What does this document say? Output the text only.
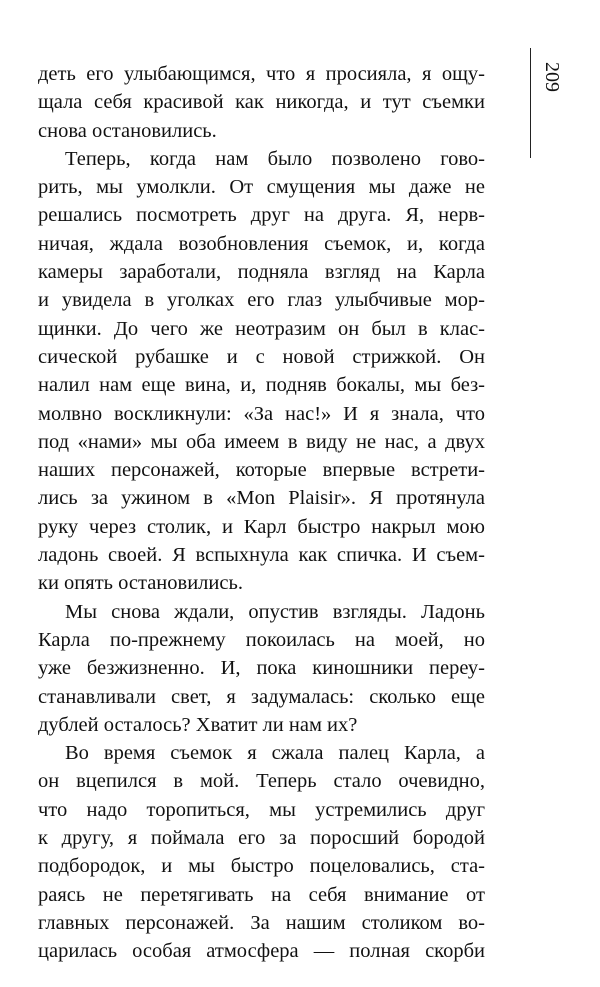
209
деть его улыбающимся, что я просияла, я ощу-
щала себя красивой как никогда, и тут съемки
снова остановились.
Теперь, когда нам было позволено гово-
рить, мы умолкли. От смущения мы даже не
решались посмотреть друг на друга. Я, нерв-
ничая, ждала возобновления съемок, и, когда
камеры заработали, подняла взгляд на Карла
и увидела в уголках его глаз улыбчивые мор-
щинки. До чего же неотразим он был в клас-
сической рубашке и с новой стрижкой. Он
налил нам еще вина, и, подняв бокалы, мы без-
молвно воскликнули: «За нас!» И я знала, что
под «нами» мы оба имеем в виду не нас, а двух
наших персонажей, которые впервые встрети-
лись за ужином в «Mon Plaisir». Я протянула
руку через столик, и Карл быстро накрыл мою
ладонь своей. Я вспыхнула как спичка. И съем-
ки опять остановились.
Мы снова ждали, опустив взгляды. Ладонь
Карла по-прежнему покоилась на моей, но
уже безжизненно. И, пока киношники переу-
станавливали свет, я задумалась: сколько еще
дублей осталось? Хватит ли нам их?
Во время съемок я сжала палец Карла, а
он вцепился в мой. Теперь стало очевидно,
что надо торопиться, мы устремились друг
к другу, я поймала его за поросший бородой
подбородок, и мы быстро поцеловались, ста-
раясь не перетягивать на себя внимание от
главных персонажей. За нашим столиком во-
царилась особая атмосфера — полная скорби
